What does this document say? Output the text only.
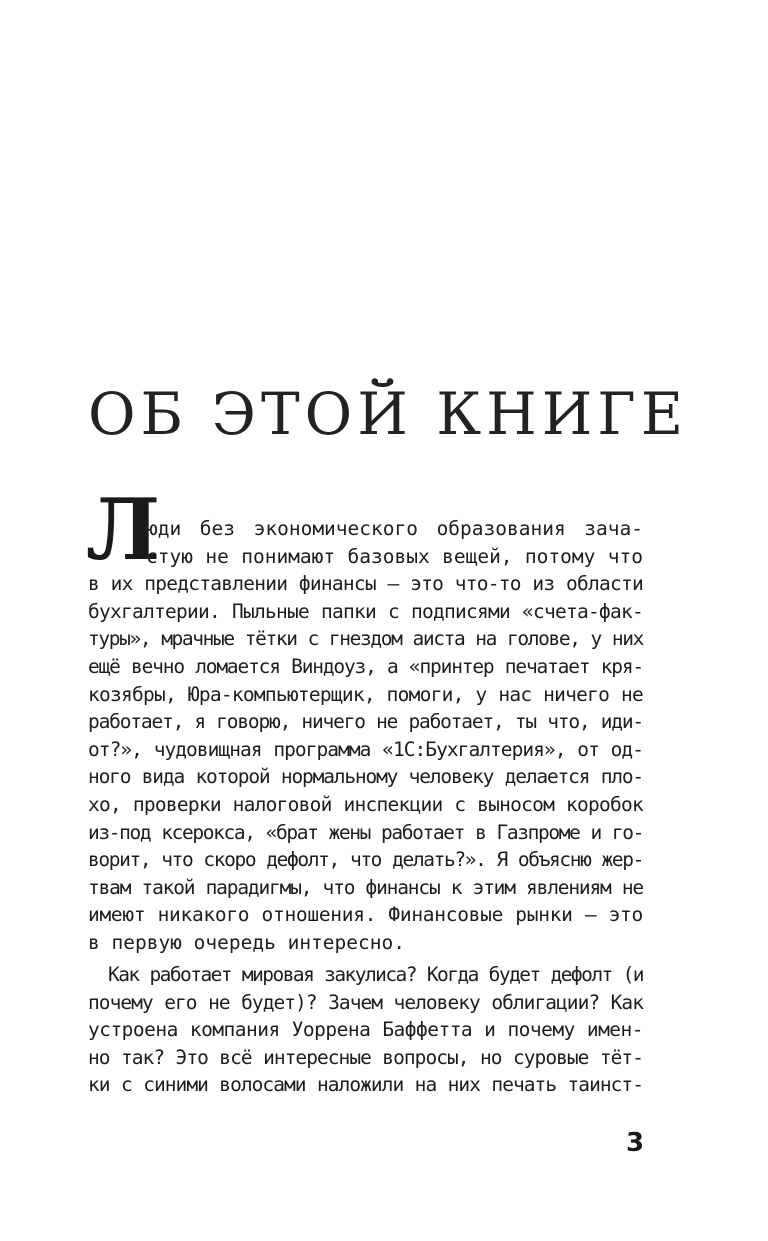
ОБ ЭТОЙ КНИГЕ
Л
юди без экономического образования зача-
стую не понимают базовых вещей, потому что
в их представлении финансы — это что-то из области
бухгалтерии. Пыльные папки с подписями «счета-фак-
туры», мрачные тётки с гнездом аиста на голове, у них
ещё вечно ломается Виндоуз, а «принтер печатает кря-
козябры, Юра-компьютерщик, помоги, у нас ничего не
работает, я говорю, ничего не работает, ты что, иди-
от?», чудовищная программа «1С:Бухгалтерия», от од-
ного вида которой нормальному человеку делается пло-
хо, проверки налоговой инспекции с выносом коробок
из-под ксерокса, «брат жены работает в Газпроме и го-
ворит, что скоро дефолт, что делать?». Я объясню жер-
твам такой парадигмы, что финансы к этим явлениям не
имеют никакого отношения. Финансовые рынки — это
в первую очередь интересно.
Как работает мировая закулиса? Когда будет дефолт (и
почему его не будет)? Зачем человеку облигации? Как
устроена компания Уоррена Баффетта и почему имен-
но так? Это всё интересные вопросы, но суровые тёт-
ки с синими волосами наложили на них печать таинст-
3
